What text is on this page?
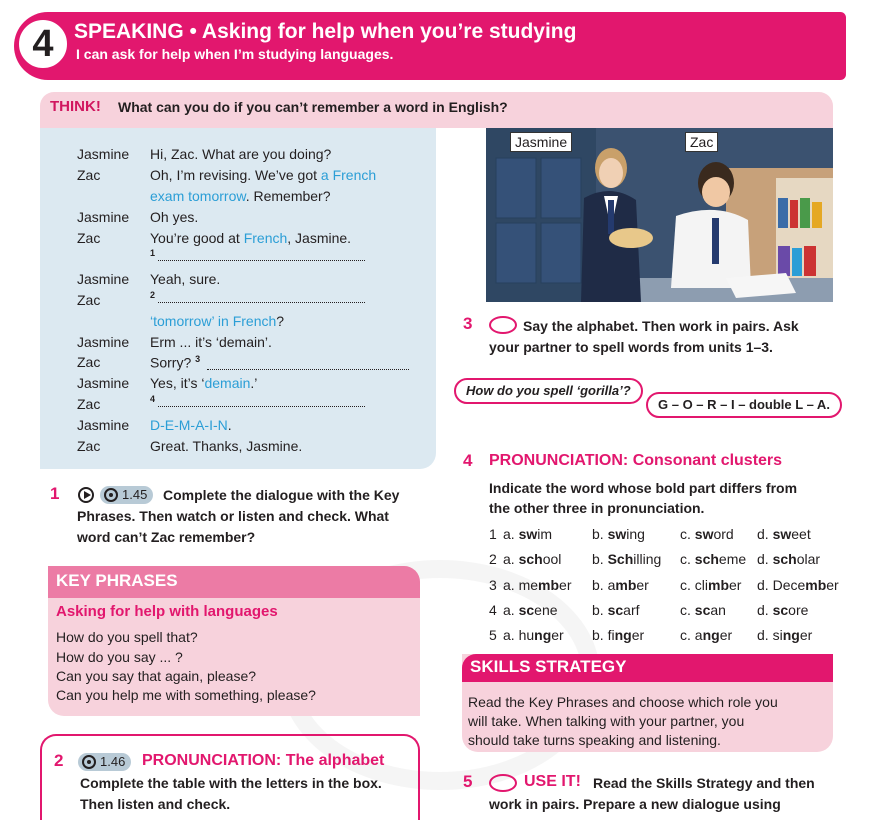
4 SPEAKING • Asking for help when you’re studying
I can ask for help when I’m studying languages.
THINK! What can you do if you can’t remember a word in English?
Jasmine Hi, Zac. What are you doing?
Zac	Oh, I’m revising. We’ve got a French
exam tomorrow. Remember?
Jasmine Oh yes.
Zac	You’re good at French, Jasmine.
1
Jasmine Yeah, sure.
Zac	2
‘tomorrow’ in French?
Jasmine Erm ... it’s ‘demain’.
Zac	Sorry? $^3$
Jasmine Yes, it’s ‘demain.’
Zac	4
Jasmine D-E-M-A-I-N.
Zac	Great. Thanks, Jasmine.
Jasmine	Zac
1	1.45	Complete the dialogue with the Key
Phrases. Then watch or listen and check. What
word can’t Zac remember?
KEY PHRASES
Asking for help with languages
How do you spell that?
How do you say ... ?
Can you say that again, please?
Can you help me with something, please?
2	1.46	PRONUNCIATION: The alphabet
Complete the table with the letters in the box.
Then listen and check.
3	Say the alphabet. Then work in pairs. Ask
your partner to spell words from units 1–3.
How do you spell ‘gorilla’?
G – O – R – I – double L – A.
4 PRONUNCIATION: Consonant clusters
Indicate the word whose bold part differs from
the other three in pronunciation.
1 a. swim	b. swing	c. sword d. sweet
2 a. school b. Schilling c. scheme d. scholar
3 a. member b. amber c. climber d. December
4 a. scene b. scarf	c. scan d. score
5 a. hunger b. finger	c. anger d. singer
SKILLS STRATEGY
Read the Key Phrases and choose which role you
will take. When talking with your partner, you
should take turns speaking and listening.
5	USE IT! Read the Skills Strategy and then
work in pairs. Prepare a new dialogue using
